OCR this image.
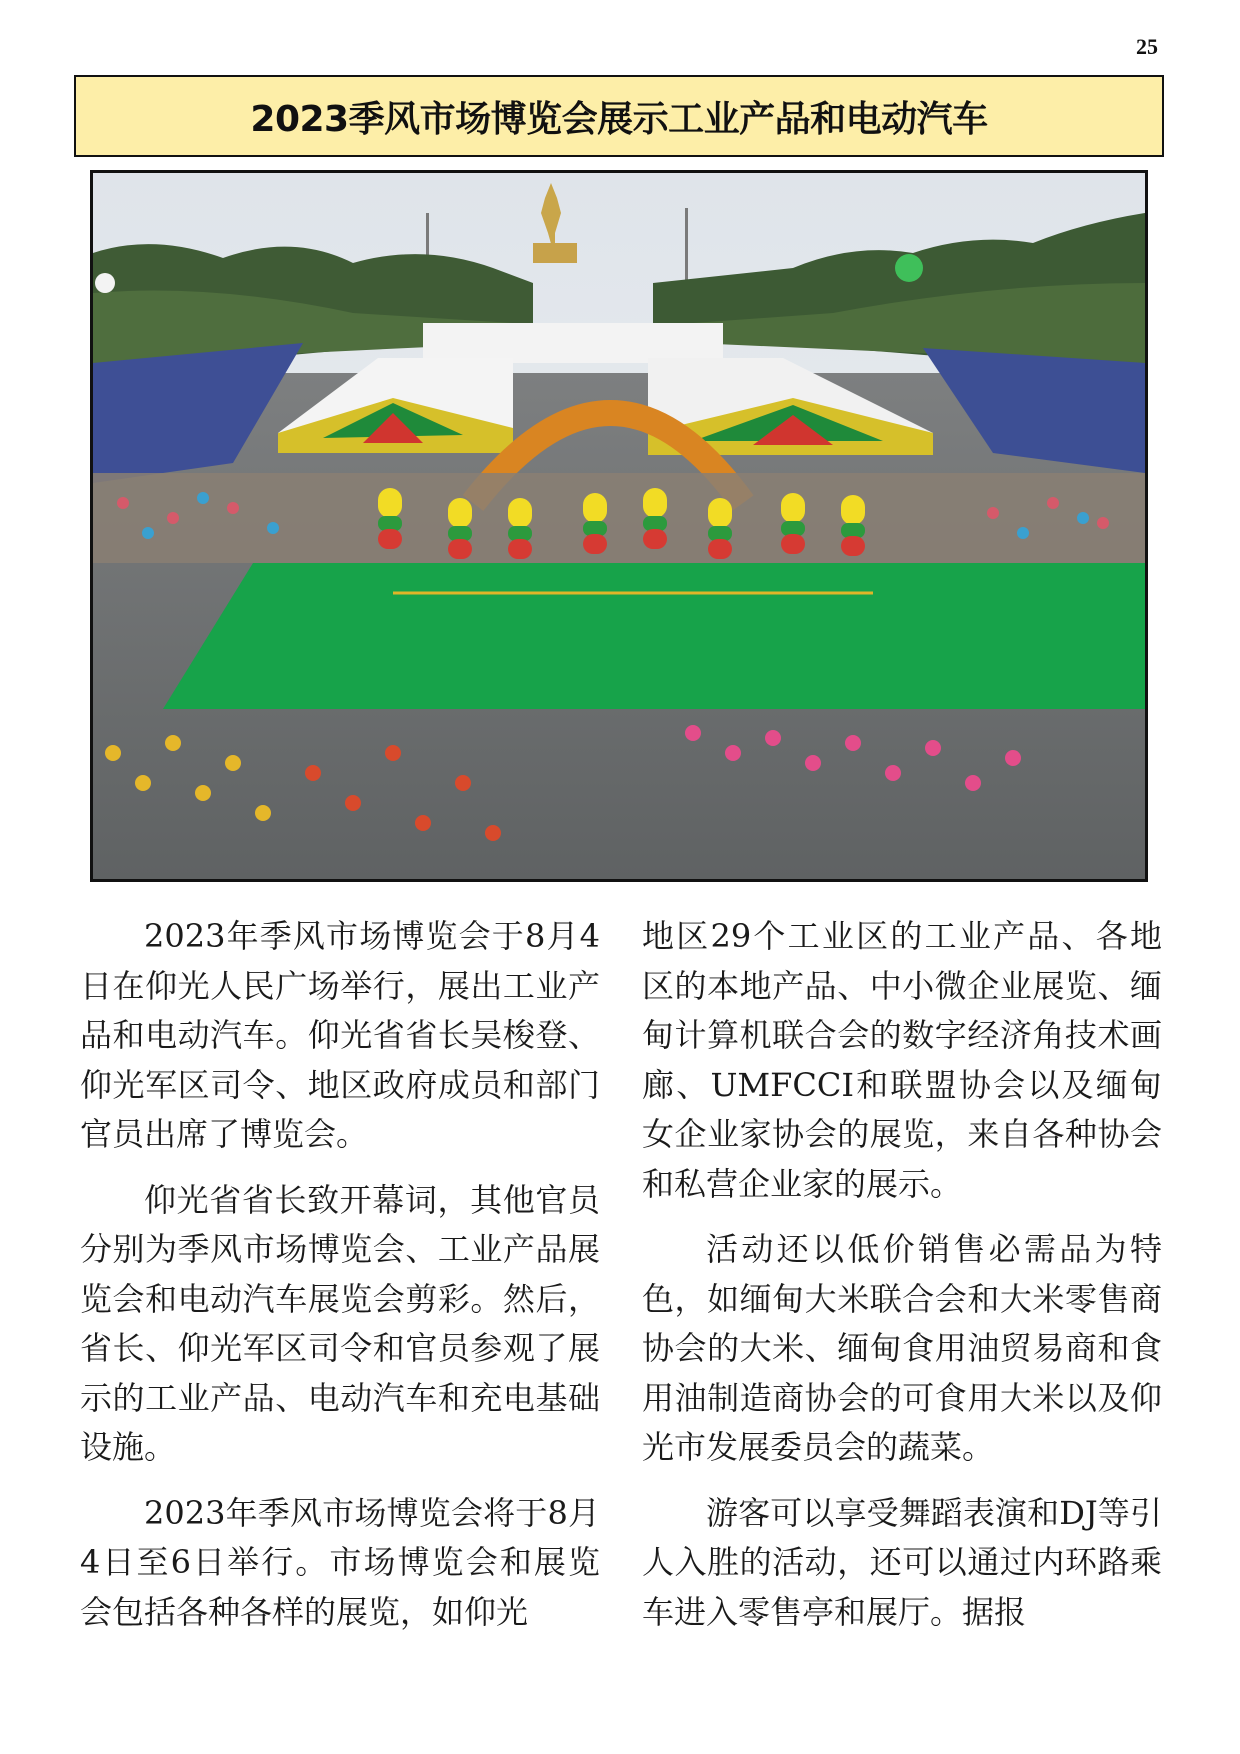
25
2023季风市场博览会展示工业产品和电动汽车

2023年季风市场博览会于8月4日在仰光人民广场举行，展出工业产品和电动汽车。仰光省省长吴梭登、仰光军区司令、地区政府成员和部门官员出席了博览会。

仰光省省长致开幕词，其他官员分别为季风市场博览会、工业产品展览会和电动汽车展览会剪彩。然后，省长、仰光军区司令和官员参观了展示的工业产品、电动汽车和充电基础设施。

2023年季风市场博览会将于8月4日至6日举行。市场博览会和展览会包括各种各样的展览，如仰光

地区29个工业区的工业产品、各地区的本地产品、中小微企业展览、缅甸计算机联合会的数字经济角技术画廊、UMFCCI和联盟协会以及缅甸女企业家协会的展览，来自各种协会和私营企业家的展示。

活动还以低价销售必需品为特色，如缅甸大米联合会和大米零售商协会的大米、缅甸食用油贸易商和食用油制造商协会的可食用大米以及仰光市发展委员会的蔬菜。

游客可以享受舞蹈表演和DJ等引人入胜的活动，还可以通过内环路乘车进入零售亭和展厅。据报
